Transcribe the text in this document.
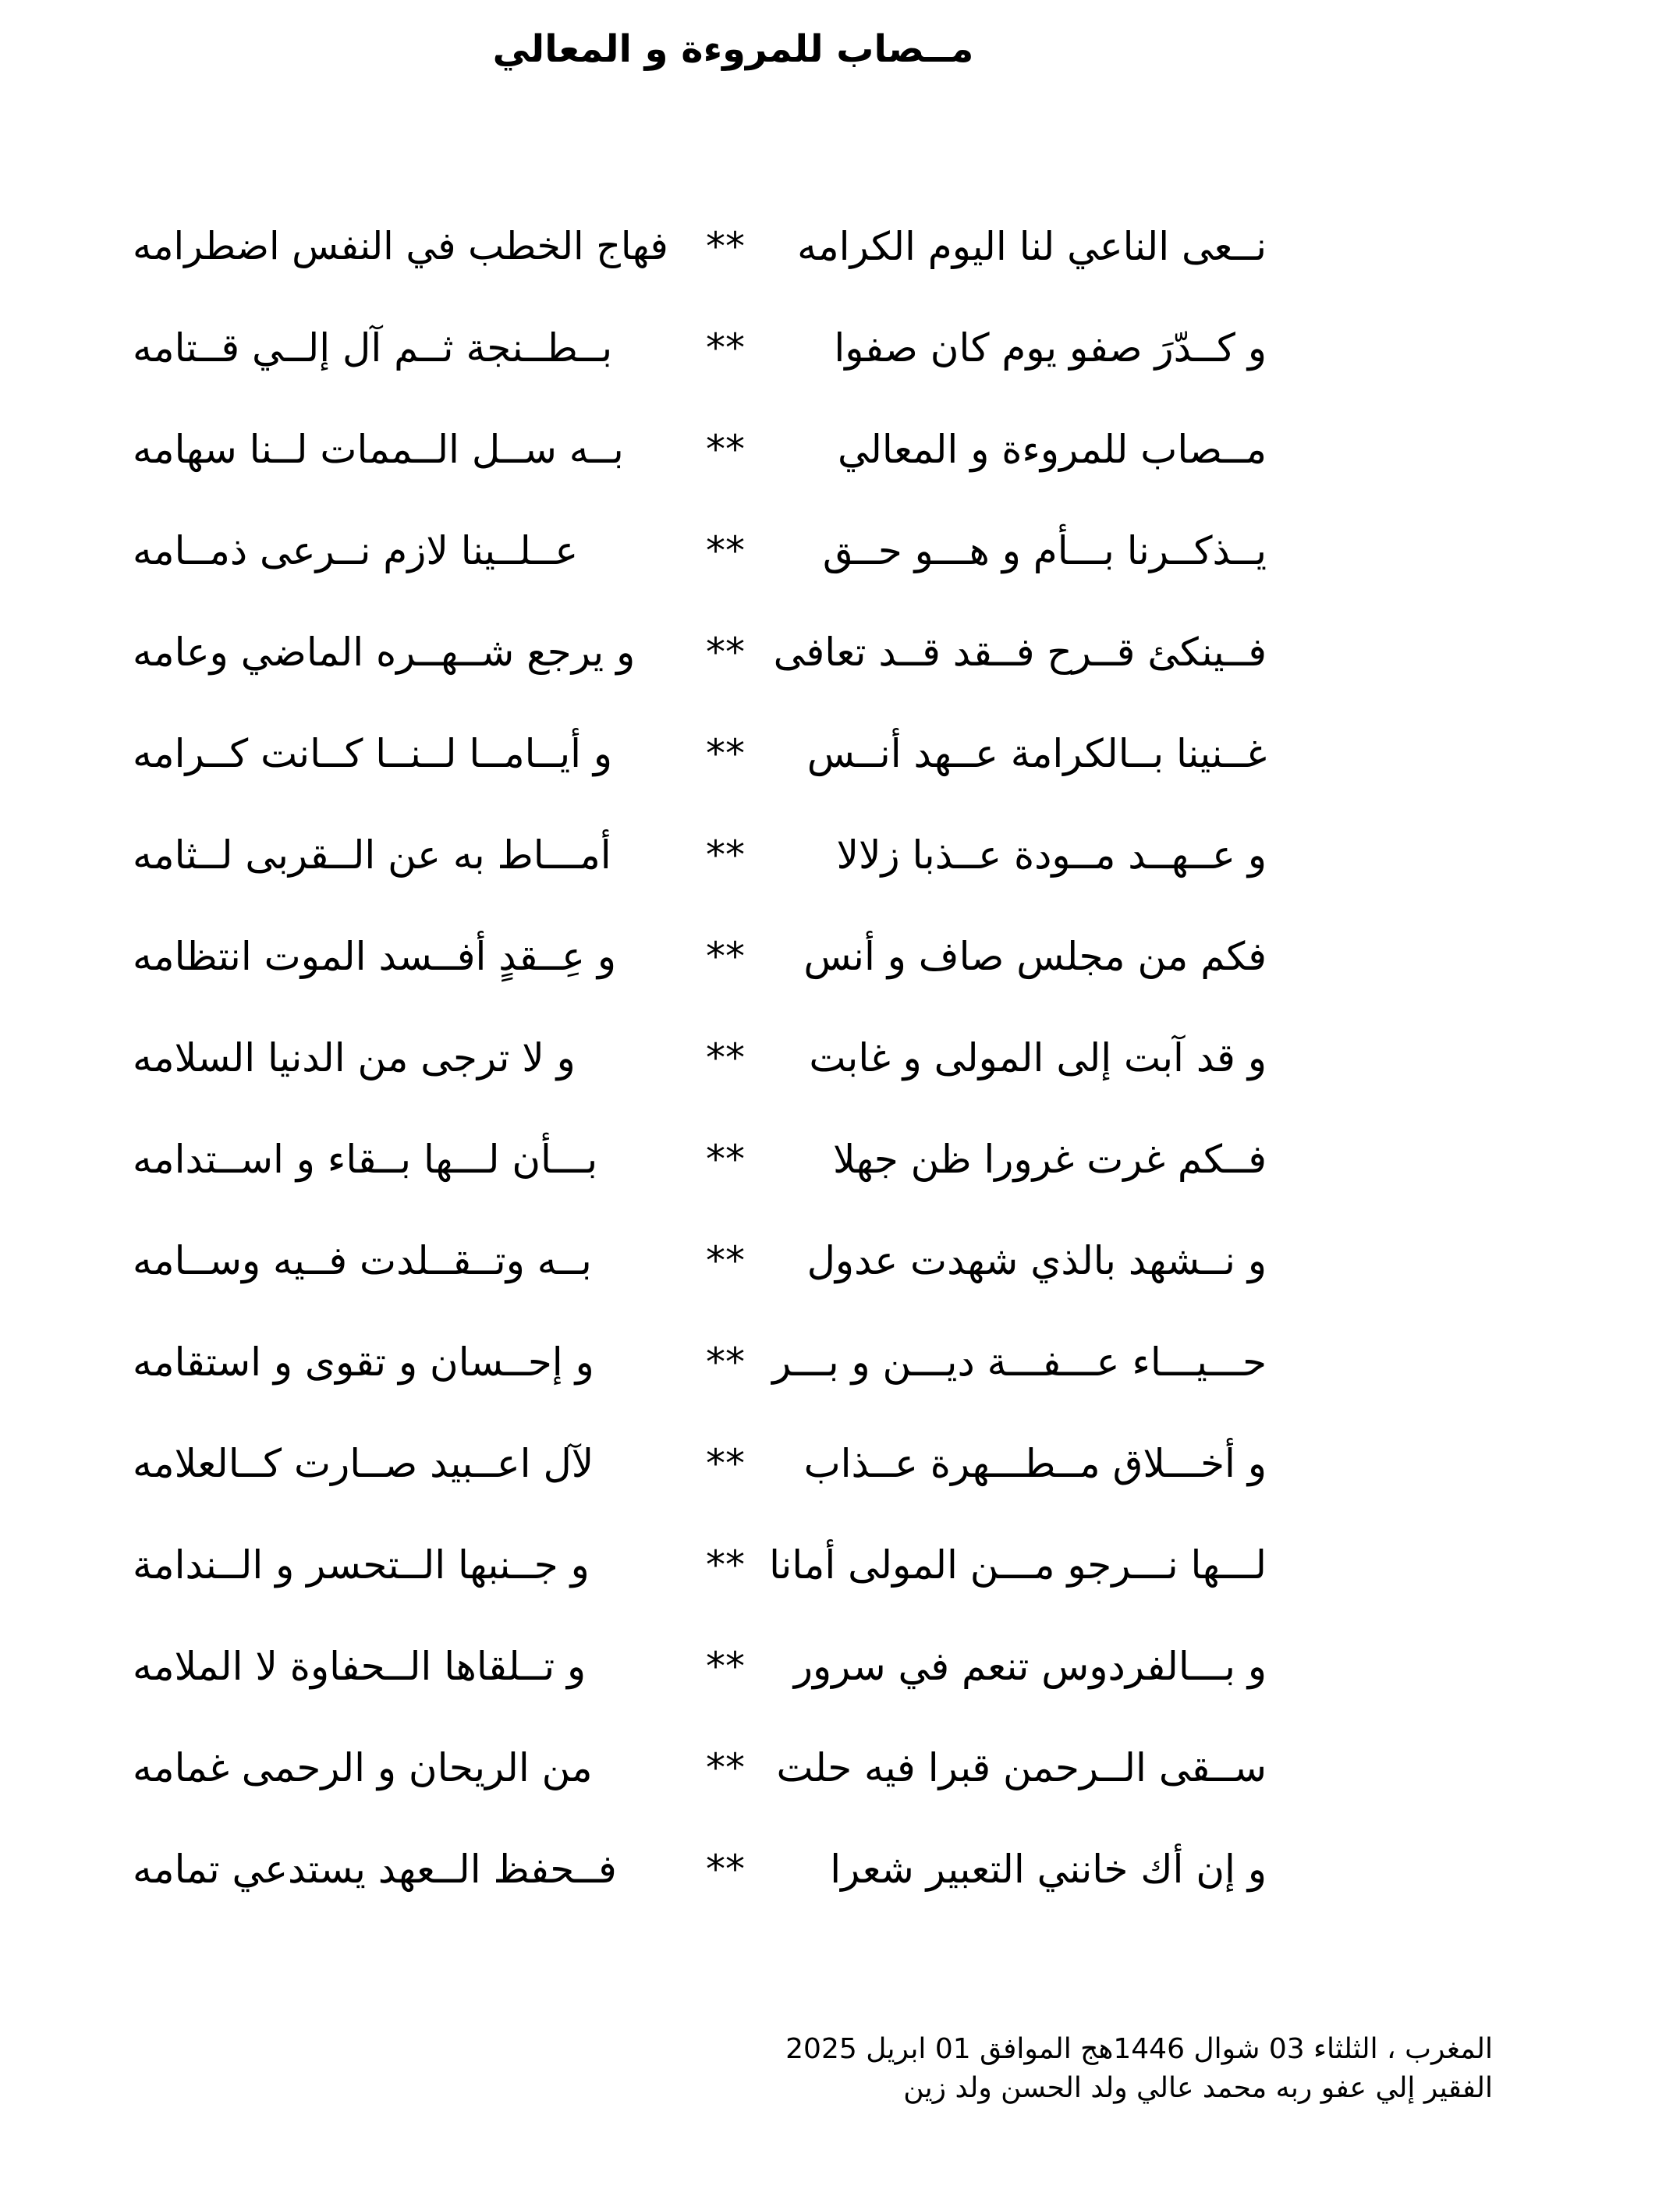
مــصاب للمروءة و المعالي
نــعى الناعي لنا اليوم الكرامه
**
فهاج الخطب في النفس اضطرامه
و كــدّرَ صفو يوم كان صفوا
**
بــطــنجة ثــم آل إلــي قــتامه
مــصاب للمروءة و المعالي
**
بــه ســل الــممات لــنا سهامه
يــذكــرنا بـــأم و هـــو حــق
**
عــلــينا لازم نــرعى ذمــامه
فــينكئ قــرح فــقد قــد تعافى
**
و يرجع شــهــره الماضي وعامه
غــنينا بــالكرامة عــهد أنــس
**
و أيــامــا لــنــا كــانت كــرامه
و عــهــد مــودة عــذبا زلالا
**
أمـــاط به عن الــقربى لــثامه
فكم من مجلس صاف و أنس
**
و عِــقدٍ أفــسد الموت انتظامه
و قد آبت إلى المولى و غابت
**
و لا ترجى من الدنيا السلامه
فــكم غرت غرورا ظن جهلا
**
بـــأن لـــها بــقاء و اســتدامه
و نــشهد بالذي شهدت عدول
**
بــه وتــقــلدت فــيه وســامه
حـــيـــاء عـــفـــة ديـــن و بـــر
**
و إحــسان و تقوى و استقامه
و أخـــلاق مــطـــهرة عــذاب
**
لآل اعــبيد صــارت كــالعلامه
لـــها نـــرجو مـــن المولى أمانا
**
و جــنبها الــتحسر و الــندامة
و بـــالفردوس تنعم في سرور
**
و تــلقاها الــحفاوة لا الملامه
ســقى الــرحمن قبرا فيه حلت
**
من الريحان و الرحمى غمامه
و إن أك خانني التعبير شعرا
**
فــحفظ الــعهد يستدعي تمامه
المغرب ، الثلثاء 03 شوال 1446هج الموافق 01 ابريل 2025
الفقير إلي عفو ربه محمد عالي ولد الحسن ولد زين
